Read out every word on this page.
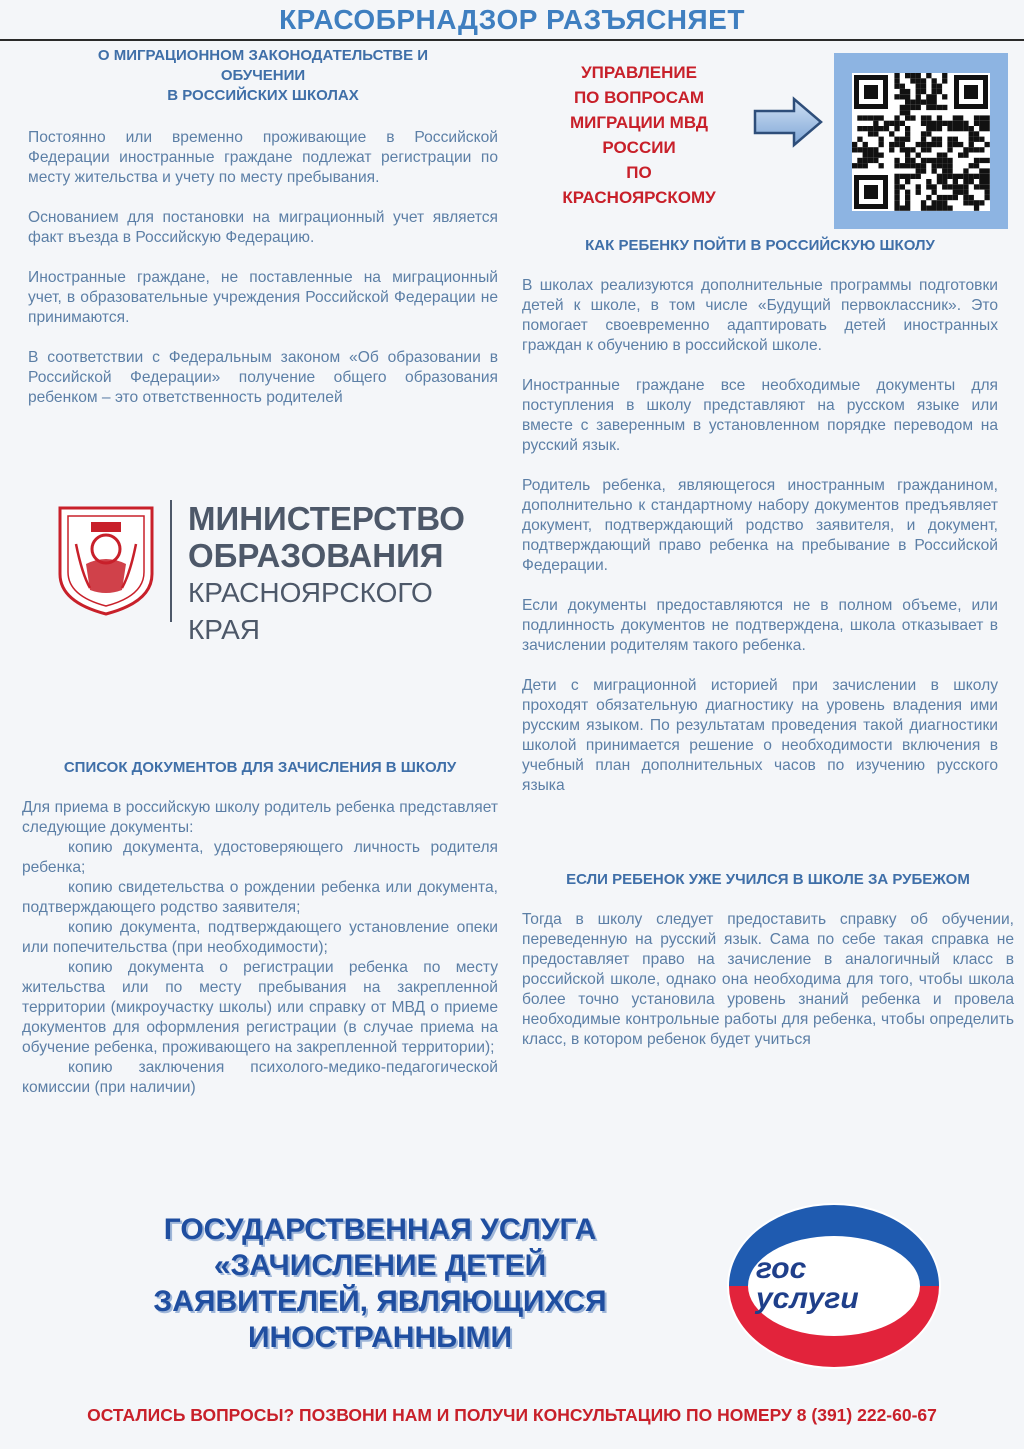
КРАСОБРНАДЗОР РАЗЪЯСНЯЕТ

О МИГРАЦИОННОМ ЗАКОНОДАТЕЛЬСТВЕ И
ОБУЧЕНИИ
В РОССИЙСКИХ ШКОЛАХ

Постоянно или временно проживающие в Российской Федерации иностранные граждане подлежат регистрации по месту жительства и учету по месту пребывания.

Основанием для постановки на миграционный учет является факт въезда в Российскую Федерацию.

Иностранные граждане, не поставленные на миграционный учет, в образовательные учреждения Российской Федерации не принимаются.

В соответствии с Федеральным законом «Об образовании в Российской Федерации» получение общего образования ребенком – это ответственность родителей

МИНИСТЕРСТВО
ОБРАЗОВАНИЯ
КРАСНОЯРСКОГО
КРАЯ

СПИСОК ДОКУМЕНТОВ ДЛЯ ЗАЧИСЛЕНИЯ В ШКОЛУ

Для приема в российскую школу родитель ребенка представляет следующие документы:

копию документа, удостоверяющего личность родителя ребенка;

копию свидетельства о рождении ребенка или документа, подтверждающего родство заявителя;

копию документа, подтверждающего установление опеки или попечительства (при необходимости);

копию документа о регистрации ребенка по месту жительства или по месту пребывания на закрепленной территории (микроучастку школы) или справку от МВД о приеме документов для оформления регистрации (в случае приема на обучение ребенка, проживающего на закрепленной территории);

копию заключения психолого-медико-педагогической комиссии (при наличии)

УПРАВЛЕНИЕ
ПО ВОПРОСАМ
МИГРАЦИИ МВД
РОССИИ
ПО
КРАСНОЯРСКОМУ

КАК РЕБЕНКУ ПОЙТИ В РОССИЙСКУЮ ШКОЛУ

В школах реализуются дополнительные программы подготовки детей к школе, в том числе «Будущий первоклассник». Это помогает своевременно адаптировать детей иностранных граждан к обучению в российской школе.

Иностранные граждане все необходимые документы для поступления в школу представляют на русском языке или вместе с заверенным в установленном порядке переводом на русский язык.

Родитель ребенка, являющегося иностранным гражданином, дополнительно к стандартному набору документов предъявляет документ, подтверждающий родство заявителя, и документ, подтверждающий право ребенка на пребывание в Российской Федерации.

Если документы предоставляются не в полном объеме, или подлинность документов не подтверждена, школа отказывает в зачислении родителям такого ребенка.

Дети с миграционной историей при зачислении в школу проходят обязательную диагностику на уровень владения ими русским языком. По результатам проведения такой диагностики школой принимается решение о необходимости включения в учебный план дополнительных часов по изучению русского языка

ЕСЛИ РЕБЕНОК УЖЕ УЧИЛСЯ В ШКОЛЕ ЗА РУБЕЖОМ

Тогда в школу следует предоставить справку об обучении, переведенную на русский язык. Сама по себе такая справка не предоставляет право на зачисление в аналогичный класс в российской школе, однако она необходима для того, чтобы школа более точно установила уровень знаний ребенка и провела необходимые контрольные работы для ребенка, чтобы определить класс, в котором ребенок будет учиться

ГОСУДАРСТВЕННАЯ УСЛУГА
«ЗАЧИСЛЕНИЕ ДЕТЕЙ
ЗАЯВИТЕЛЕЙ, ЯВЛЯЮЩИХСЯ
ИНОСТРАННЫМИ
гос
услуги
ОСТАЛИСЬ ВОПРОСЫ? ПОЗВОНИ НАМ И ПОЛУЧИ КОНСУЛЬТАЦИЮ ПО НОМЕРУ 8 (391) 222-60-67
